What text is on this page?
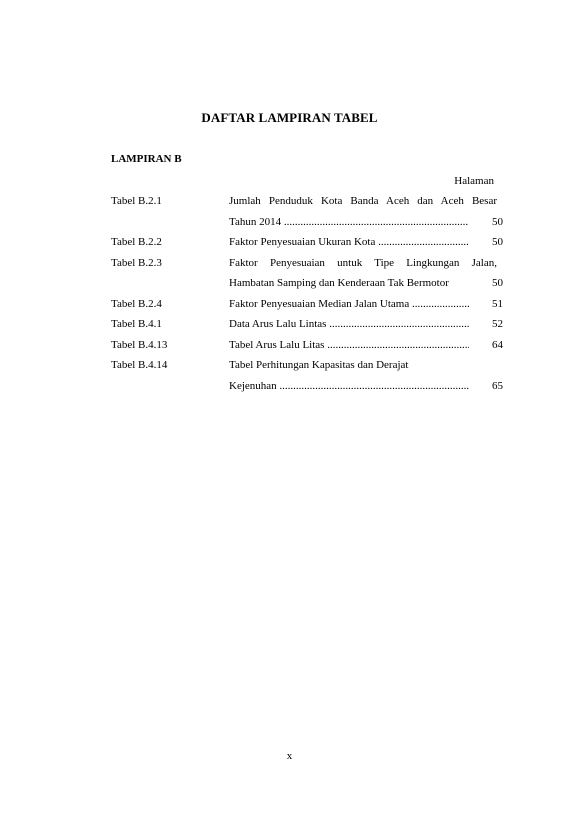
DAFTAR LAMPIRAN TABEL
LAMPIRAN B
Halaman
Tabel B.2.1	Jumlah Penduduk Kota Banda Aceh dan Aceh Besar
Tahun 2014 .....	50
Tabel B.2.2	Faktor Penyesuaian Ukuran Kota .....	50
Tabel B.2.3	Faktor Penyesuaian untuk Tipe Lingkungan Jalan,
Hambatan Samping dan Kenderaan Tak Bermotor	50
Tabel B.2.4	Faktor Penyesuaian Median Jalan Utama .....	51
Tabel B.4.1	Data Arus Lalu Lintas .....	52
Tabel B.4.13	Tabel Arus Lalu Litas .....	64
Tabel B.4.14	Tabel Perhitungan Kapasitas dan Derajat
Kejenuhan .....	65
x
